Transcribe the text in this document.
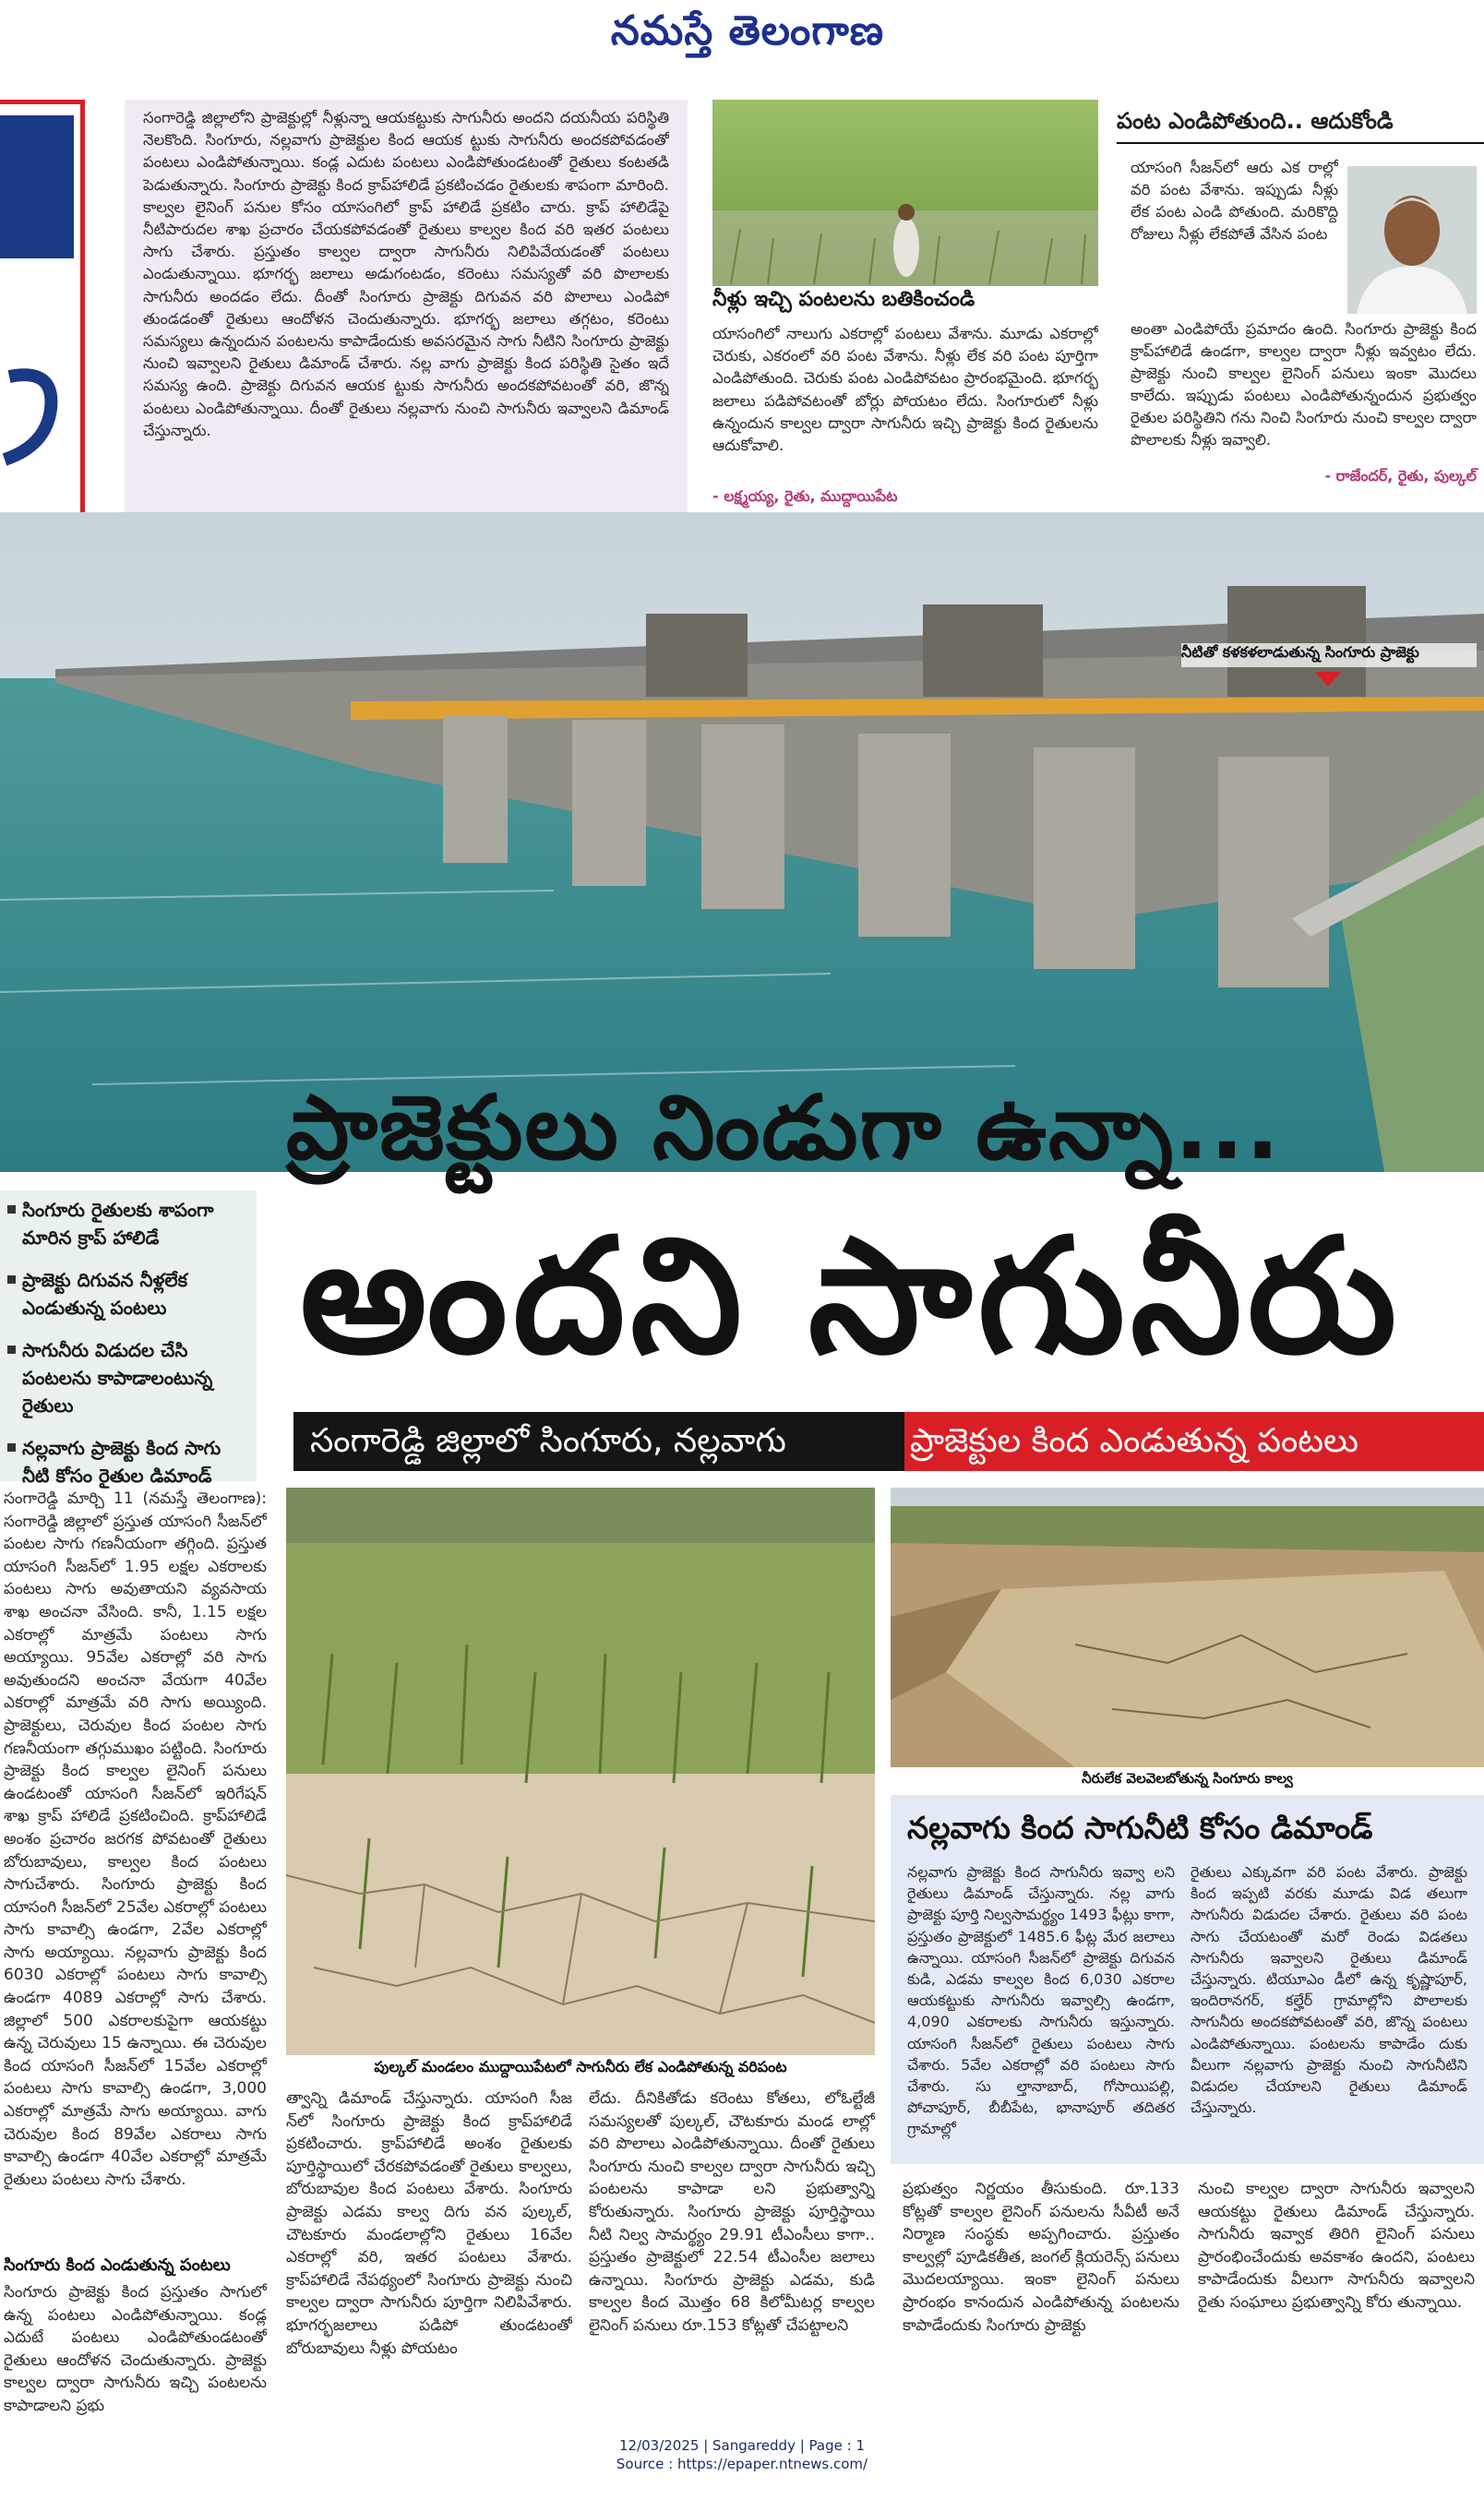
నమస్తే తెలంగాణ
సంగారెడ్డి జిల్లాలోని ప్రాజెక్టుల్లో నీళ్లున్నా ఆయకట్టుకు సాగునీరు అందని దయనీయ పరిస్థితి నెలకొంది. సింగూరు, నల్లవాగు ప్రాజెక్టుల కింద ఆయక ట్టుకు సాగునీరు అందకపోవడంతో పంటలు ఎండిపోతున్నాయి. కండ్ల ఎదుట పంటలు ఎండిపోతుండటంతో రైతులు కంటతడి పెడుతున్నారు. సింగూరు ప్రాజెక్టు కింద క్రాప్‌హాలిడే ప్రకటించడం రైతులకు శాపంగా మారింది. కాల్వల లైనింగ్ పనుల కోసం యాసంగిలో క్రాప్ హాలిడే ప్రకటిం చారు. క్రాప్ హాలిడేపై నీటిపారుదల శాఖ ప్రచారం చేయకపోవడంతో రైతులు కాల్వల కింద వరి ఇతర పంటలు సాగు చేశారు. ప్రస్తుతం కాల్వల ద్వారా సాగునీరు నిలిపివేయడంతో పంటలు ఎండుతున్నాయి. భూగర్భ జలాలు అడుగంటడం, కరెంటు సమస్యతో వరి పొలాలకు సాగునీరు అందడం లేదు. దీంతో సింగూరు ప్రాజెక్టు దిగువన వరి పొలాలు ఎండిపో తుండడంతో రైతులు ఆందోళన చెందుతున్నారు. భూగర్భ జలాలు తగ్గటం, కరెంటు సమస్యలు ఉన్నందున పంటలను కాపాడేందుకు అవసరమైన సాగు నీటిని సింగూరు ప్రాజెక్టు నుంచి ఇవ్వాలని రైతులు డిమాండ్ చేశారు. నల్ల వాగు ప్రాజెక్టు కింద పరిస్థితి సైతం ఇదే సమస్య ఉంది. ప్రాజెక్టు దిగువన ఆయక ట్టుకు సాగునీరు అందకపోవటంతో వరి, జొన్న పంటలు ఎండిపోతున్నాయి. దీంతో రైతులు నల్లవాగు నుంచి సాగునీరు ఇవ్వాలని డిమాండ్ చేస్తున్నారు.
నీళ్లు ఇచ్చి పంటలను బతికించండి
యాసంగిలో నాలుగు ఎకరాల్లో పంటలు వేశాను. మూడు ఎకరాల్లో చెరుకు, ఎకరంలో వరి పంట వేశాను. నీళ్లు లేక వరి పంట పూర్తిగా ఎండిపోతుంది. చెరుకు పంట ఎండిపోవటం ప్రారంభమైంది. భూగర్భ జలాలు పడిపోవటంతో బోర్లు పోయటం లేదు. సింగూరులో నీళ్లు ఉన్నందున కాల్వల ద్వారా సాగునీరు ఇచ్చి ప్రాజెక్టు కింద రైతులను ఆదుకోవాలి.
- లక్ష్మయ్య, రైతు, ముద్దాయిపేట
పంట ఎండిపోతుంది.. ఆదుకోండి
యాసంగి సీజన్‌లో ఆరు ఎక రాల్లో వరి పంట వేశాను. ఇప్పుడు నీళ్లు లేక పంట ఎండి పోతుంది. మరికొద్ది రోజులు నీళ్లు లేకపోతే వేసిన పంట
అంతా ఎండిపోయే ప్రమాదం ఉంది. సింగూరు ప్రాజెక్టు కింద క్రాప్‌హాలిడే ఉండగా, కాల్వల ద్వారా నీళ్లు ఇవ్వటం లేదు. ప్రాజెక్టు నుంచి కాల్వల లైనింగ్ పనులు ఇంకా మొదలు కాలేదు. ఇప్పుడు పంటలు ఎండిపోతున్నందున ప్రభుత్వం రైతుల పరిస్థితిని గను నించి సింగూరు నుంచి కాల్వల ద్వారా పొలాలకు నీళ్లు ఇవ్వాలి.
- రాజేందర్, రైతు, పుల్కల్
నీటితో కళకళలాడుతున్న సింగూరు ప్రాజెక్టు
ప్రాజెక్టులు నిండుగా ఉన్నా...
అందని సాగునీరు
సంగారెడ్డి జిల్లాలో సింగూరు, నల్లవాగు	ప్రాజెక్టుల కింద ఎండుతున్న పంటలు
సింగూరు రైతులకు శాపంగా మారిన క్రాప్ హాలిడే
ప్రాజెక్టు దిగువన నీళ్లలేక ఎండుతున్న పంటలు
సాగునీరు విడుదల చేసి పంటలను కాపాడాలంటున్న రైతులు
నల్లవాగు ప్రాజెక్టు కింద సాగు నీటి కోసం రైతుల డిమాండ్
సంగారెడ్డి మార్చి 11 (నమస్తే తెలంగాణ): సంగారెడ్డి జిల్లాలో ప్రస్తుత యాసంగి సీజన్‌లో పంటల సాగు గణనీయంగా తగ్గింది. ప్రస్తుత యాసంగి సీజన్‌లో 1.95 లక్షల ఎకరాలకు పంటలు సాగు అవుతాయని వ్యవసాయ శాఖ అంచనా వేసింది. కానీ, 1.15 లక్షల ఎకరాల్లో మాత్రమే పంటలు సాగు అయ్యాయి. 95వేల ఎకరాల్లో వరి సాగు అవుతుందని అంచనా వేయగా 40వేల ఎకరాల్లో మాత్రమే వరి సాగు అయ్యింది. ప్రాజెక్టులు, చెరువుల కింద పంటల సాగు గణనీయంగా తగ్గుముఖం పట్టింది. సింగూరు ప్రాజెక్టు కింద కాల్వల లైనింగ్ పనులు ఉండటంతో యాసంగి సీజన్‌లో ఇరిగేషన్ శాఖ క్రాప్ హాలిడే ప్రకటించింది. క్రాప్‌హాలిడే అంశం ప్రచారం జరగక పోవటంతో రైతులు బోరుబావులు, కాల్వల కింద పంటలు సాగుచేశారు. సింగూరు ప్రాజెక్టు కింద యాసంగి సీజన్‌లో 25వేల ఎకరాల్లో పంటలు సాగు కావాల్సి ఉండగా, 2వేల ఎకరాల్లో సాగు అయ్యాయి. నల్లవాగు ప్రాజెక్టు కింద 6030 ఎకరాల్లో పంటలు సాగు కావాల్సి ఉండగా 4089 ఎకరాల్లో సాగు చేశారు. జిల్లాలో 500 ఎకరాలకుపైగా ఆయకట్టు ఉన్న చెరువులు 15 ఉన్నాయి. ఈ చెరువుల కింద యాసంగి సీజన్‌లో 15వేల ఎకరాల్లో పంటలు సాగు కావాల్సి ఉండగా, 3,000 ఎకరాల్లో మాత్రమే సాగు అయ్యాయి. వాగు చెరువుల కింద 89వేల ఎకరాలు సాగు కావాల్సి ఉండగా 40వేల ఎకరాల్లో మాత్రమే రైతులు పంటలు సాగు చేశారు.
సింగూరు కింద ఎండుతున్న పంటలు
సింగూరు ప్రాజెక్టు కింద ప్రస్తుతం సాగులో ఉన్న పంటలు ఎండిపోతున్నాయి. కండ్ల ఎదుటే పంటలు ఎండిపోతుండటంతో రైతులు ఆందోళన చెందుతున్నారు. ప్రాజెక్టు కాల్వల ద్వారా సాగునీరు ఇచ్చి పంటలను కాపాడాలని ప్రభు
పుల్కల్ మండలం ముద్దాయిపేటలో సాగునీరు లేక ఎండిపోతున్న వరిపంట
నీరులేక వెలవెలబోతున్న సింగూరు కాల్వ
నల్లవాగు కింద సాగునీటి కోసం డిమాండ్
నల్లవాగు ప్రాజెక్టు కింద సాగునీరు ఇవ్వా లని రైతులు డిమాండ్ చేస్తున్నారు. నల్ల వాగు ప్రాజెక్టు పూర్తి నిల్వసామర్థ్యం 1493 ఫీట్లు కాగా, ప్రస్తుతం ప్రాజెక్టులో 1485.6 ఫీట్ల మేర జలాలు ఉన్నాయి. యాసంగి సీజన్‌లో ప్రాజెక్టు దిగువన కుడి, ఎడమ కాల్వల కింద 6,030 ఎకరాల ఆయకట్టుకు సాగునీరు ఇవ్వాల్సి ఉండగా, 4,090 ఎకరాలకు సాగునీరు ఇస్తున్నారు. యాసంగి సీజన్‌లో రైతులు పంటలు సాగు చేశారు. 5వేల ఎకరాల్లో వరి పంటలు సాగు చేశారు. సు ల్తానాబాద్, గోసాయిపల్లి, పోచాపూర్, బీబీపేట, భానాపూర్ తదితర గ్రామాల్లో
రైతులు ఎక్కువగా వరి పంట వేశారు. ప్రాజెక్టు కింద ఇప్పటి వరకు మూడు విడ తలుగా సాగునీరు విడుదల చేశారు. రైతులు వరి పంట సాగు చేయటంతో మరో రెండు విడతలు సాగునీరు ఇవ్వాలని రైతులు డిమాండ్ చేస్తున్నారు. టియూఎం డీలో ఉన్న కృష్ణాపూర్, ఇందిరానగర్, కల్హేర్ గ్రామాల్లోని పొలాలకు సాగునీరు అందకపోవటంతో వరి, జొన్న పంటలు ఎండిపోతున్నాయి. పంటలను కాపాడేం దుకు వీలుగా నల్లవాగు ప్రాజెక్టు నుంచి సాగునీటిని విడుదల చేయాలని రైతులు డిమాండ్ చేస్తున్నారు.
త్వాన్ని డిమాండ్ చేస్తున్నారు. యాసంగి సీజ న్‌లో సింగూరు ప్రాజెక్టు కింద క్రాప్‌హాలిడే ప్రకటించారు. క్రాప్‌హాలిడే అంశం రైతులకు పూర్తిస్థాయిలో చేరకపోవడంతో రైతులు కాల్వలు, బోరుబావుల కింద పంటలు వేశారు. సింగూరు ప్రాజెక్టు ఎడమ కాల్వ దిగు వన పుల్కల్, చౌటకూరు మండలాల్లోని రైతులు 16వేల ఎకరాల్లో వరి, ఇతర పంటలు వేశారు. క్రాప్‌హాలిడే నేపథ్యంలో సింగూరు ప్రాజెక్టు నుంచి కాల్వల ద్వారా సాగునీరు పూర్తిగా నిలిపివేశారు. భూగర్భజలాలు పడిపో తుండటంతో బోరుబావులు నీళ్లు పోయటం
లేదు. దీనికితోడు కరెంటు కోతలు, లోఓల్టేజీ సమస్యలతో పుల్కల్, చౌటకూరు మండ లాల్లో వరి పొలాలు ఎండిపోతున్నాయి. దీంతో రైతులు సింగూరు నుంచి కాల్వల ద్వారా సాగునీరు ఇచ్చి పంటలను కాపాడా లని ప్రభుత్వాన్ని కోరుతున్నారు. సింగూరు ప్రాజెక్టు పూర్తిస్థాయి నీటి నిల్వ సామర్థ్యం 29.91 టీఎంసీలు కాగా.. ప్రస్తుతం ప్రాజెక్టులో 22.54 టీఎంసీల జలాలు ఉన్నాయి. సింగూరు ప్రాజెక్టు ఎడమ, కుడి కాల్వల కింద మొత్తం 68 కిలోమీటర్ల కాల్వల లైనింగ్ పనులు రూ.153 కోట్లతో చేపట్టాలని
ప్రభుత్వం నిర్ణయం తీసుకుంది. రూ.133 కోట్లతో కాల్వల లైనింగ్ పనులను సీవీటీ అనే నిర్మాణ సంస్థకు అప్పగించారు. ప్రస్తుతం కాల్వల్లో పూడికతీత, జంగల్ క్లియరెన్స్ పనులు మొదలయ్యాయి. ఇంకా లైనింగ్ పనులు ప్రారంభం కానందున ఎండిపోతున్న పంటలను కాపాడేందుకు సింగూరు ప్రాజెక్టు
నుంచి కాల్వల ద్వారా సాగునీరు ఇవ్వాలని ఆయకట్టు రైతులు డిమాండ్ చేస్తున్నారు. సాగునీరు ఇవ్వాక తిరిగి లైనింగ్ పనులు ప్రారంభించేందుకు అవకాశం ఉందని, పంటలు కాపాడేందుకు వీలుగా సాగునీరు ఇవ్వాలని రైతు సంఘాలు ప్రభుత్వాన్ని కోరు తున్నాయి.
12/03/2025 | Sangareddy | Page : 1
Source : https://epaper.ntnews.com/
